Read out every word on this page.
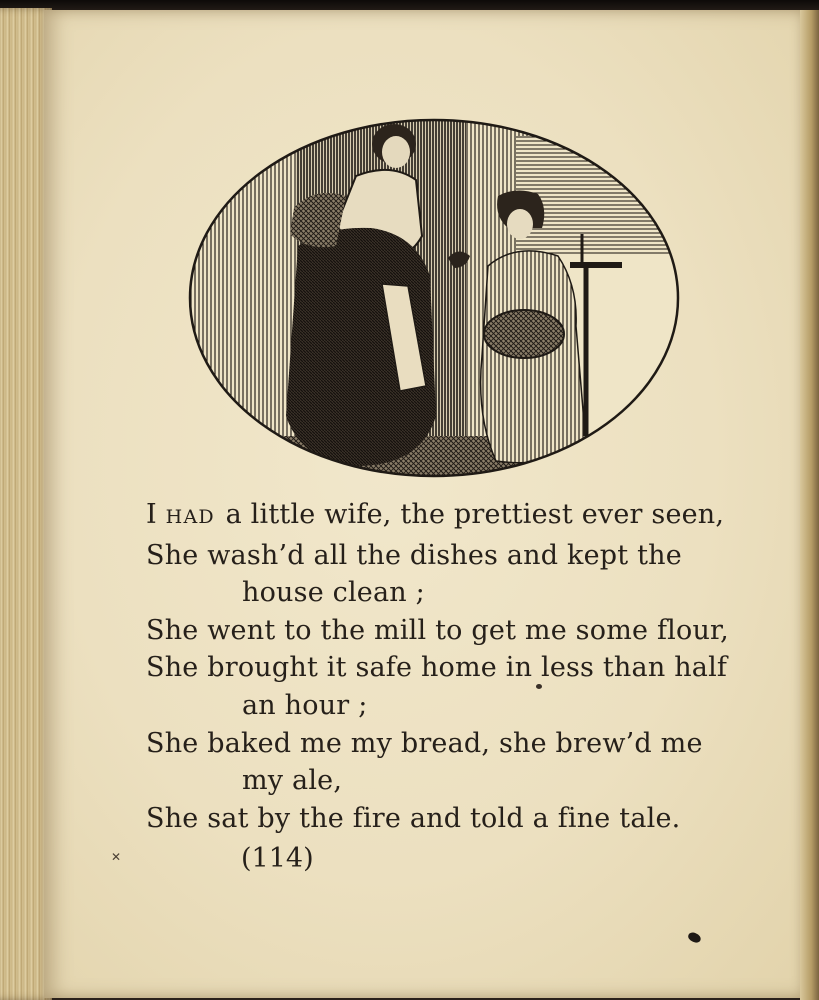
I HAD a little wife, the prettiest ever seen,
She wash’d all the dishes and kept the
house clean ;
She went to the mill to get me some flour,
She brought it safe home in less than half
an hour ;
She baked me my bread, she brew’d me
my ale,
She sat by the fire and told a fine tale.
(114)
✕
